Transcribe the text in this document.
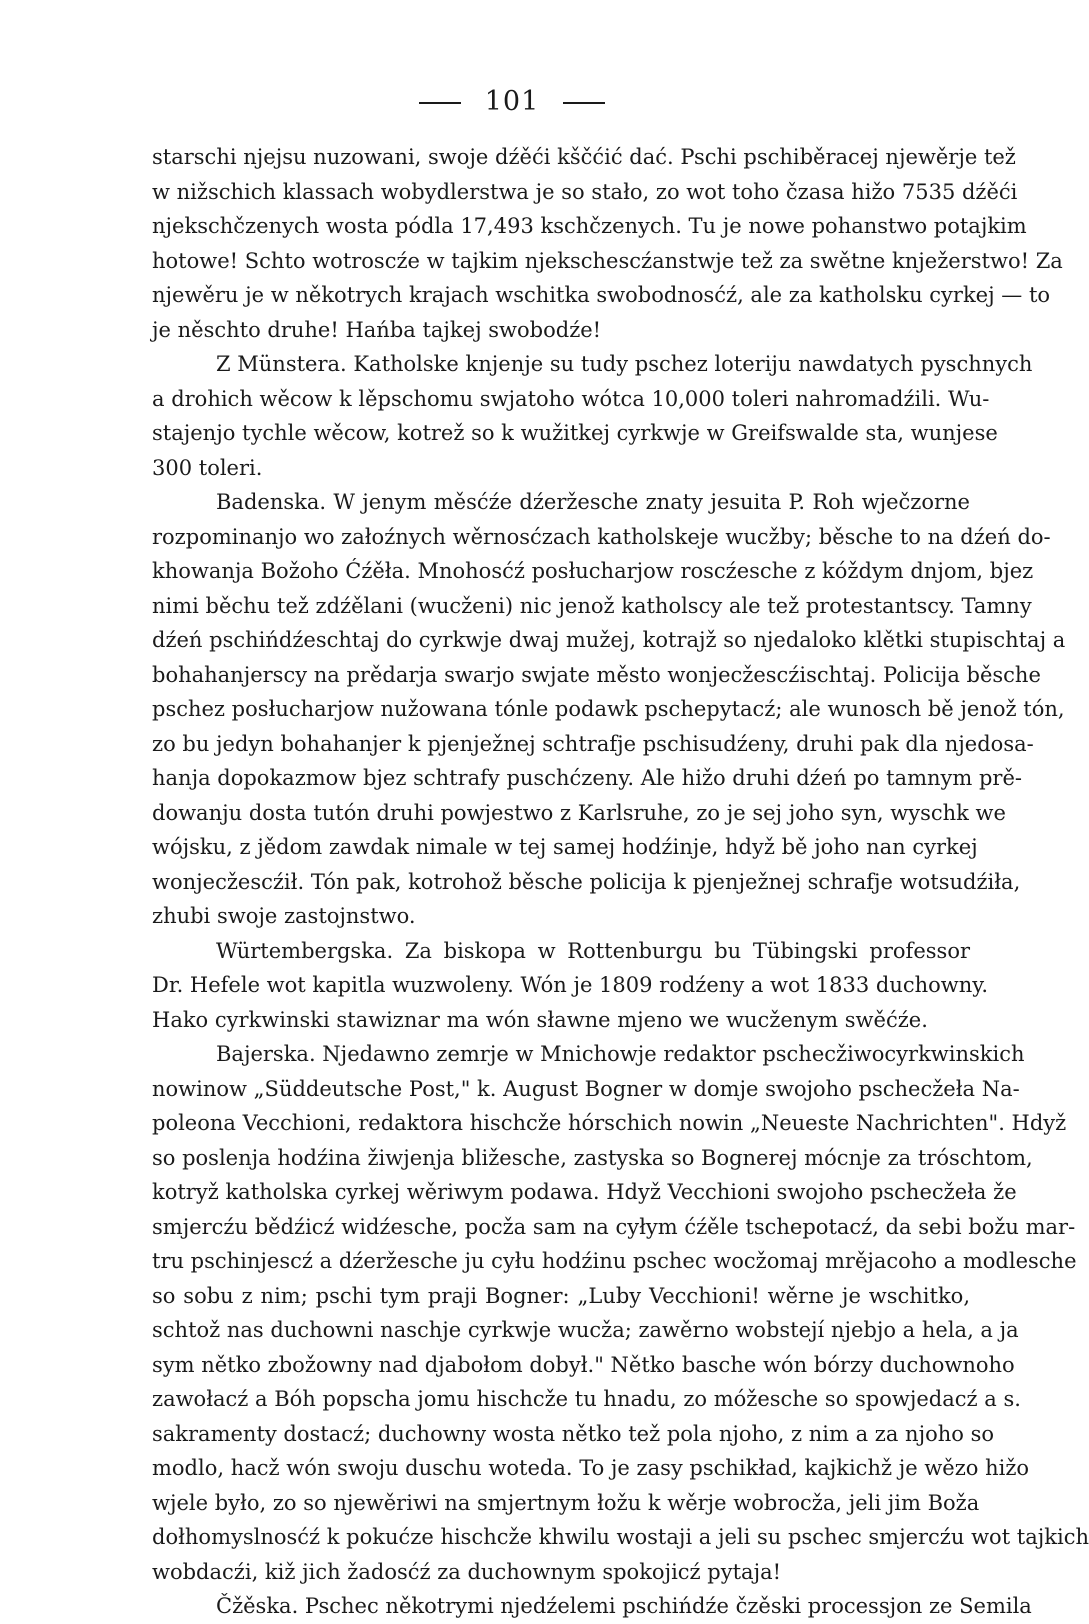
101
starschi njejsu nuzowani, swoje dźěći kščćić dać. Pschi pschiběracej njewěrje tež
w nižschich klassach wobydlerstwa je so stało, zo wot toho čzasa hižo 7535 dźěći
njekschčzenych wosta pódla 17,493 kschčzenych. Tu je nowe pohanstwo potajkim
hotowe! Schto wotroscźe w tajkim njekschescźanstwje tež za swětne knježerstwo! Za
njewěru je w někotrych krajach wschitka swobodnosćź, ale za katholsku cyrkej — to
je něschto druhe! Hańba tajkej swobodźe!
Z Münstera. Katholske knjenje su tudy pschez loteriju nawdatych pyschnych
a drohich wěcow k lěpschomu swjatoho wótca 10,000 toleri nahromadźili. Wu-
stajenjo tychle wěcow, kotrež so k wužitkej cyrkwje w Greifswalde sta, wunjese
300 toleri.
Badenska. W jenym měsćźe dźeržesche znaty jesuita P. Roh wječzorne
rozpominanjo wo załoźnych wěrnosćzach katholskeje wucžby; běsche to na dźeń do-
khowanja Božoho Ćźěła. Mnohosćź posłucharjow roscźesche z kóždym dnjom, bjez
nimi běchu tež zdźělani (wucženi) nic jenož katholscy ale tež protestantscy. Tamny
dźeń pschińdźeschtaj do cyrkwje dwaj mužej, kotrajž so njedaloko klětki stupischtaj a
bohahanjerscy na prědarja swarjo swjate město wonjecžescźischtaj. Policija běsche
pschez posłucharjow nužowana tónle podawk pschepytacź; ale wunosch bě jenož tón,
zo bu jedyn bohahanjer k pjenježnej schtrafje pschisudźeny, druhi pak dla njedosa-
hanja dopokazmow bjez schtrafy puschćzeny. Ale hižo druhi dźeń po tamnym prě-
dowanju dosta tutón druhi powjestwo z Karlsruhe, zo je sej joho syn, wyschk we
wójsku, z jědom zawdak nimale w tej samej hodźinje, hdyž bě joho nan cyrkej
wonjecžescźił. Tón pak, kotrohož běsche policija k pjenježnej schrafje wotsudźiła,
zhubi swoje zastojnstwo.
Würtembergska. Za biskopa w Rottenburgu bu Tübingski professor
Dr. Hefele wot kapitla wuzwoleny. Wón je 1809 rodźeny a wot 1833 duchowny.
Hako cyrkwinski stawiznar ma wón sławne mjeno we wucženym swěćźe.
Bajerska. Njedawno zemrje w Mnichowje redaktor pschecžiwocyrkwinskich
nowinow „Süddeutsche Post," k. August Bogner w domje swojoho pschecžeła Na-
poleona Vecchioni, redaktora hischcže hórschich nowin „Neueste Nachrichten". Hdyž
so poslenja hodźina žiwjenja bližesche, zastyska so Bognerej mócnje za tróschtom,
kotryž katholska cyrkej wěriwym podawa. Hdyž Vecchioni swojoho pschecžeła že
smjercźu bědźicź widźesche, pocža sam na cyłym ćźěle tschepotacź, da sebi božu mar-
tru pschinjescź a dźeržesche ju cyłu hodźinu pschec wocžomaj mrějacoho a modlesche
so sobu z nim; pschi tym praji Bogner: „Luby Vecchioni! wěrne je wschitko,
schtož nas duchowni naschje cyrkwje wucža; zawěrno wobstejí njebjo a hela, a ja
sym nětko zbožowny nad djabołom dobył." Nětko basche wón bórzy duchownoho
zawołacź a Bóh popscha jomu hischcže tu hnadu, zo móžesche so spowjedacź a s.
sakramenty dostacź; duchowny wosta nětko tež pola njoho, z nim a za njoho so
modlo, hacž wón swoju duschu woteda. To je zasy pschikład, kajkichž je wězo hižo
wjele było, zo so njewěriwi na smjertnym łožu k wěrje wobrocža, jeli jim Boža
dołhomyslnosćź k pokućze hischcže khwilu wostaji a jeli su pschec smjercźu wot tajkich
wobdacźi, kiž jich žadosćź za duchownym spokojicź pytaja!
Čžěska. Pschec někotrymi njedźelemi pschińdźe čzěski processjon ze Semila
